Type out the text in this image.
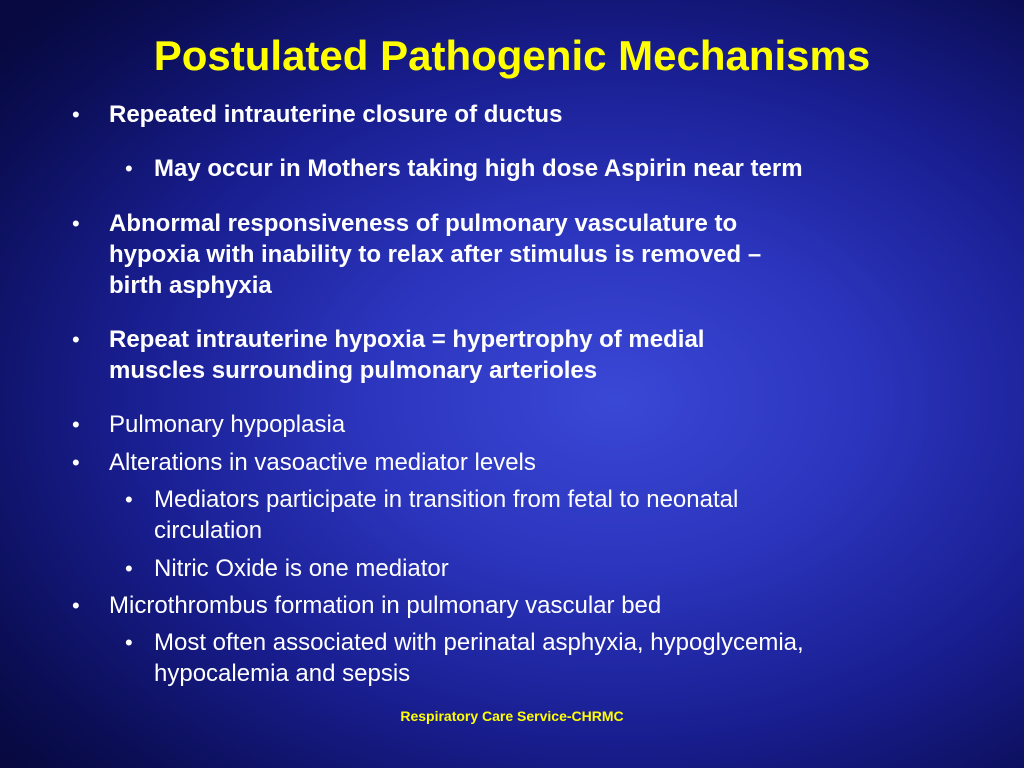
Postulated Pathogenic Mechanisms
• Repeated intrauterine closure of ductus
• May occur in Mothers taking high dose Aspirin near term
• Abnormal responsiveness of pulmonary vasculature to
hypoxia with inability to relax after stimulus is removed –
birth asphyxia
• Repeat intrauterine hypoxia = hypertrophy of medial
muscles surrounding pulmonary arterioles
• Pulmonary hypoplasia
• Alterations in vasoactive mediator levels
• Mediators participate in transition from fetal to neonatal
circulation
• Nitric Oxide is one mediator
• Microthrombus formation in pulmonary vascular bed
• Most often associated with perinatal asphyxia, hypoglycemia,
hypocalemia and sepsis
Respiratory Care Service-CHRMC
